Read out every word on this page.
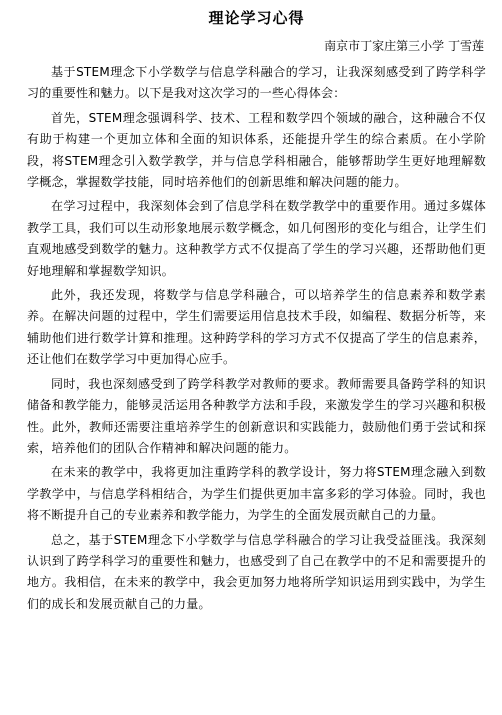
理论学习心得
南京市丁家庄第三小学 丁雪莲

基于STEM理念下小学数学与信息学科融合的学习，让我深刻感受到了跨学科学习的重要性和魅力。以下是我对这次学习的一些心得体会：

首先，STEM理念强调科学、技术、工程和数学四个领域的融合，这种融合不仅有助于构建一个更加立体和全面的知识体系，还能提升学生的综合素质。在小学阶段，将STEM理念引入数学教学，并与信息学科相融合，能够帮助学生更好地理解数学概念，掌握数学技能，同时培养他们的创新思维和解决问题的能力。

在学习过程中，我深刻体会到了信息学科在数学教学中的重要作用。通过多媒体教学工具，我们可以生动形象地展示数学概念，如几何图形的变化与组合，让学生们直观地感受到数学的魅力。这种教学方式不仅提高了学生的学习兴趣，还帮助他们更好地理解和掌握数学知识。

此外，我还发现，将数学与信息学科融合，可以培养学生的信息素养和数学素养。在解决问题的过程中，学生们需要运用信息技术手段，如编程、数据分析等，来辅助他们进行数学计算和推理。这种跨学科的学习方式不仅提高了学生的信息素养，还让他们在数学学习中更加得心应手。

同时，我也深刻感受到了跨学科教学对教师的要求。教师需要具备跨学科的知识储备和教学能力，能够灵活运用各种教学方法和手段，来激发学生的学习兴趣和积极性。此外，教师还需要注重培养学生的创新意识和实践能力，鼓励他们勇于尝试和探索，培养他们的团队合作精神和解决问题的能力。

在未来的教学中，我将更加注重跨学科的教学设计，努力将STEM理念融入到数学教学中，与信息学科相结合，为学生们提供更加丰富多彩的学习体验。同时，我也将不断提升自己的专业素养和教学能力，为学生的全面发展贡献自己的力量。

总之，基于STEM理念下小学数学与信息学科融合的学习让我受益匪浅。我深刻认识到了跨学科学习的重要性和魅力，也感受到了自己在教学中的不足和需要提升的地方。我相信，在未来的教学中，我会更加努力地将所学知识运用到实践中，为学生们的成长和发展贡献自己的力量。
